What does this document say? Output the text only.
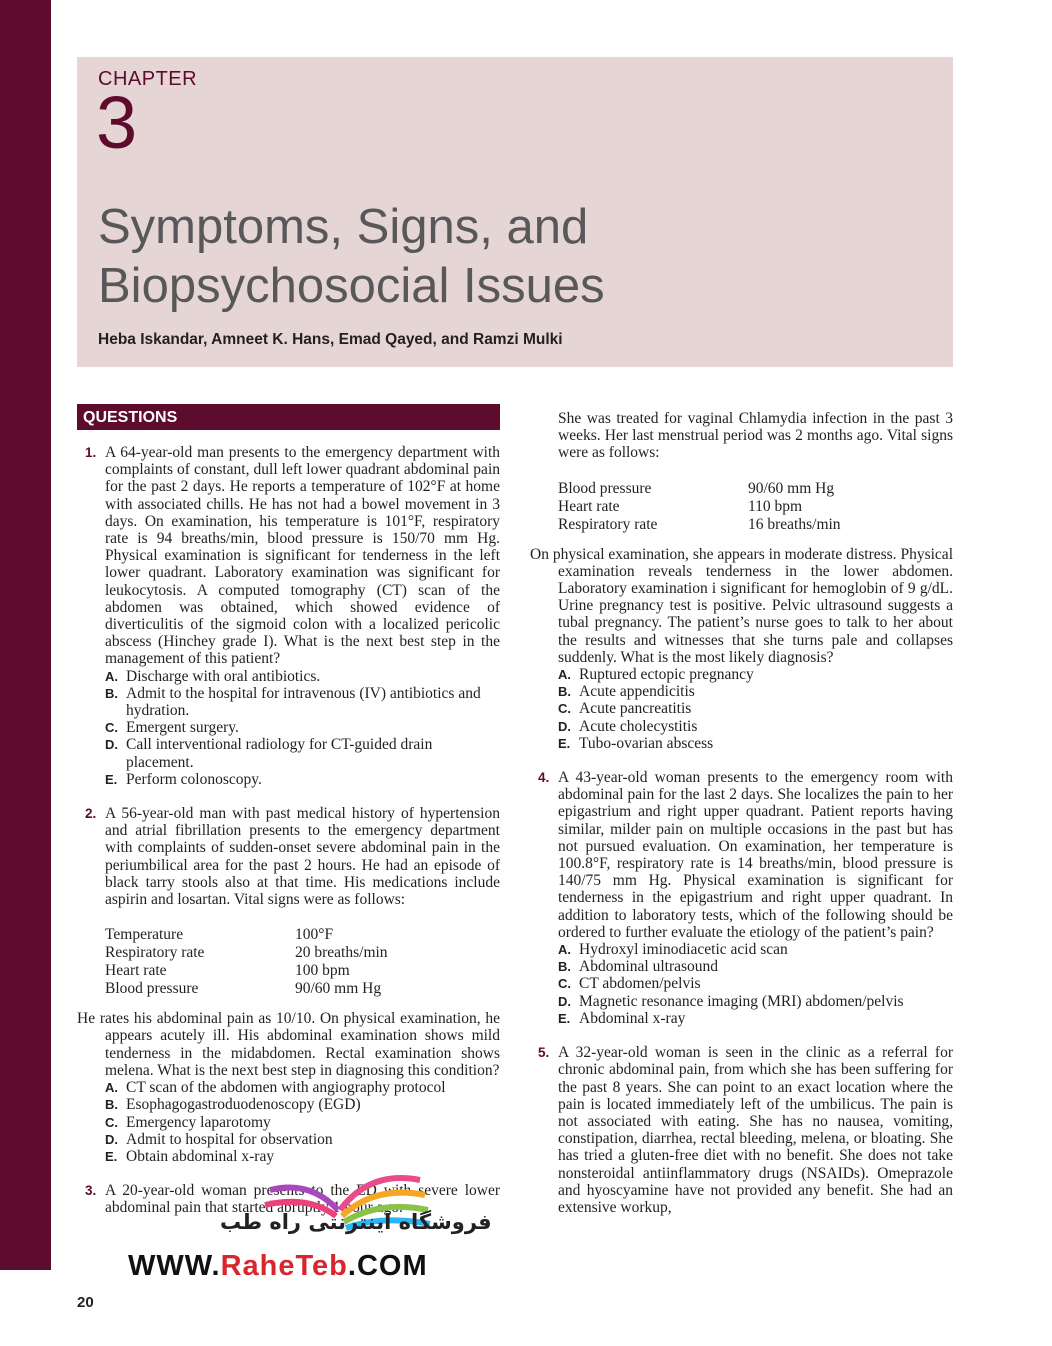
CHAPTER
3
Symptoms, Signs, and
Biopsychosocial Issues
Heba Iskandar, Amneet K. Hans, Emad Qayed, and Ramzi Mulki
QUESTIONS
1. A 64-year-old man presents to the emergency department with complaints of constant, dull left lower quadrant abdominal pain for the past 2 days. He reports a temperature of 102°F at home with associated chills. He has not had a bowel movement in 3 days. On examination, his temperature is 101°F, respiratory rate is 94 breaths/min, blood pressure is 150/70 mm Hg. Physical examination is significant for tenderness in the left lower quadrant. Laboratory examination was significant for leukocytosis. A computed tomography (CT) scan of the abdomen was obtained, which showed evidence of diverticulitis of the sigmoid colon with a localized pericolic abscess (Hinchey grade I). What is the next best step in the management of this patient?
A. Discharge with oral antibiotics.
B. Admit to the hospital for intravenous (IV) antibiotics and hydration.
C. Emergent surgery.
D. Call interventional radiology for CT-guided drain placement.
E. Perform colonoscopy.
2. A 56-year-old man with past medical history of hypertension and atrial fibrillation presents to the emergency department with complaints of sudden-onset severe abdominal pain in the periumbilical area for the past 2 hours. He had an episode of black tarry stools also at that time. His medications include aspirin and losartan. Vital signs were as follows:
Temperature	100°F
Respiratory rate	20 breaths/min
Heart rate	100 bpm
Blood pressure	90/60 mm Hg
He rates his abdominal pain as 10/10. On physical examination, he appears acutely ill. His abdominal examination shows mild tenderness in the midabdomen. Rectal examination shows melena. What is the next best step in diagnosing this condition?
A. CT scan of the abdomen with angiography protocol
B. Esophagogastroduodenoscopy (EGD)
C. Emergency laparotomy
D. Admit to hospital for observation
E. Obtain abdominal x-ray
3. A 20-year-old woman presents to the ED with severe lower abdominal pain that started abruptly 1 hour ago.
She was treated for vaginal Chlamydia infection in the past 3 weeks. Her last menstrual period was 2 months ago. Vital signs were as follows:
Blood pressure	90/60 mm Hg
Heart rate	110 bpm
Respiratory rate	16 breaths/min
On physical examination, she appears in moderate distress. Physical examination reveals tenderness in the lower abdomen. Laboratory examination i significant for hemoglobin of 9 g/dL. Urine pregnancy test is positive. Pelvic ultrasound suggests a tubal pregnancy. The patient’s nurse goes to talk to her about the results and witnesses that she turns pale and collapses suddenly. What is the most likely diagnosis?
A. Ruptured ectopic pregnancy
B. Acute appendicitis
C. Acute pancreatitis
D. Acute cholecystitis
E. Tubo-ovarian abscess
4. A 43-year-old woman presents to the emergency room with abdominal pain for the last 2 days. She localizes the pain to her epigastrium and right upper quadrant. Patient reports having similar, milder pain on multiple occasions in the past but has not pursued evaluation. On examination, her temperature is 100.8°F, respiratory rate is 14 breaths/min, blood pressure is 140/75 mm Hg. Physical examination is significant for tenderness in the epigastrium and right upper quadrant. In addition to laboratory tests, which of the following should be ordered to further evaluate the etiology of the patient’s pain?
A. Hydroxyl iminodiacetic acid scan
B. Abdominal ultrasound
C. CT abdomen/pelvis
D. Magnetic resonance imaging (MRI) abdomen/pelvis
E. Abdominal x-ray
5. A 32-year-old woman is seen in the clinic as a referral for chronic abdominal pain, from which she has been suffering for the past 8 years. She can point to an exact location where the pain is located immediately left of the umbilicus. The pain is not associated with eating. She has no nausea, vomiting, constipation, diarrhea, rectal bleeding, melena, or bloating. She has tried a gluten-free diet with no benefit. She does not take nonsteroidal antiinflammatory drugs (NSAIDs). Omeprazole and hyoscyamine have not provided any benefit. She had an extensive workup,
فروشگاه اینترنتی راه طب
WWW.RaheTeb.COM
20
